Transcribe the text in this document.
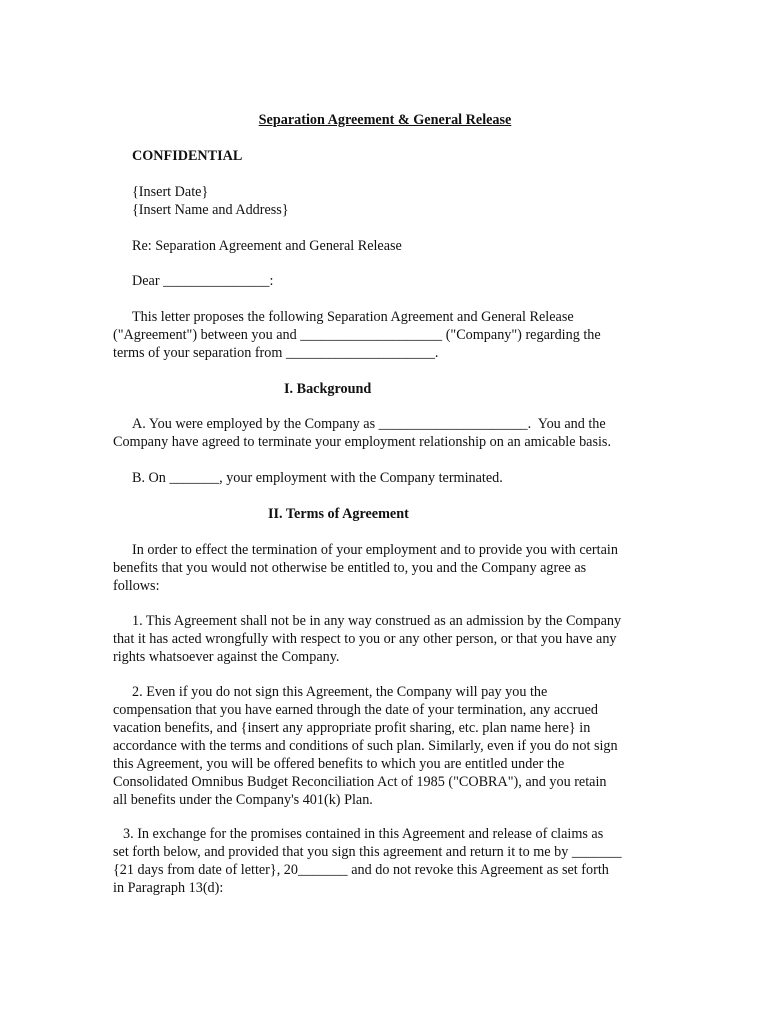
Separation Agreement & General Release

CONFIDENTIAL

{Insert Date}

{Insert Name and Address}

Re: Separation Agreement and General Release

Dear _______________:

This letter proposes the following Separation Agreement and General Release
("Agreement") between you and ____________________ ("Company") regarding the
terms of your separation from _____________________.

I. Background

A. You were employed by the Company as _____________________.  You and the
Company have agreed to terminate your employment relationship on an amicable basis.

B. On _______, your employment with the Company terminated.

II. Terms of Agreement

In order to effect the termination of your employment and to provide you with certain
benefits that you would not otherwise be entitled to, you and the Company agree as
follows:
1. This Agreement shall not be in any way construed as an admission by the Company
that it has acted wrongfully with respect to you or any other person, or that you have any
rights whatsoever against the Company.
2. Even if you do not sign this Agreement, the Company will pay you the
compensation that you have earned through the date of your termination, any accrued
vacation benefits, and {insert any appropriate profit sharing, etc. plan name here} in
accordance with the terms and conditions of such plan. Similarly, even if you do not sign
this Agreement, you will be offered benefits to which you are entitled under the
Consolidated Omnibus Budget Reconciliation Act of 1985 ("COBRA"), and you retain
all benefits under the Company's 401(k) Plan.
3. In exchange for the promises contained in this Agreement and release of claims as
set forth below, and provided that you sign this agreement and return it to me by _______
{21 days from date of letter}, 20_______ and do not revoke this Agreement as set forth
in Paragraph 13(d):
